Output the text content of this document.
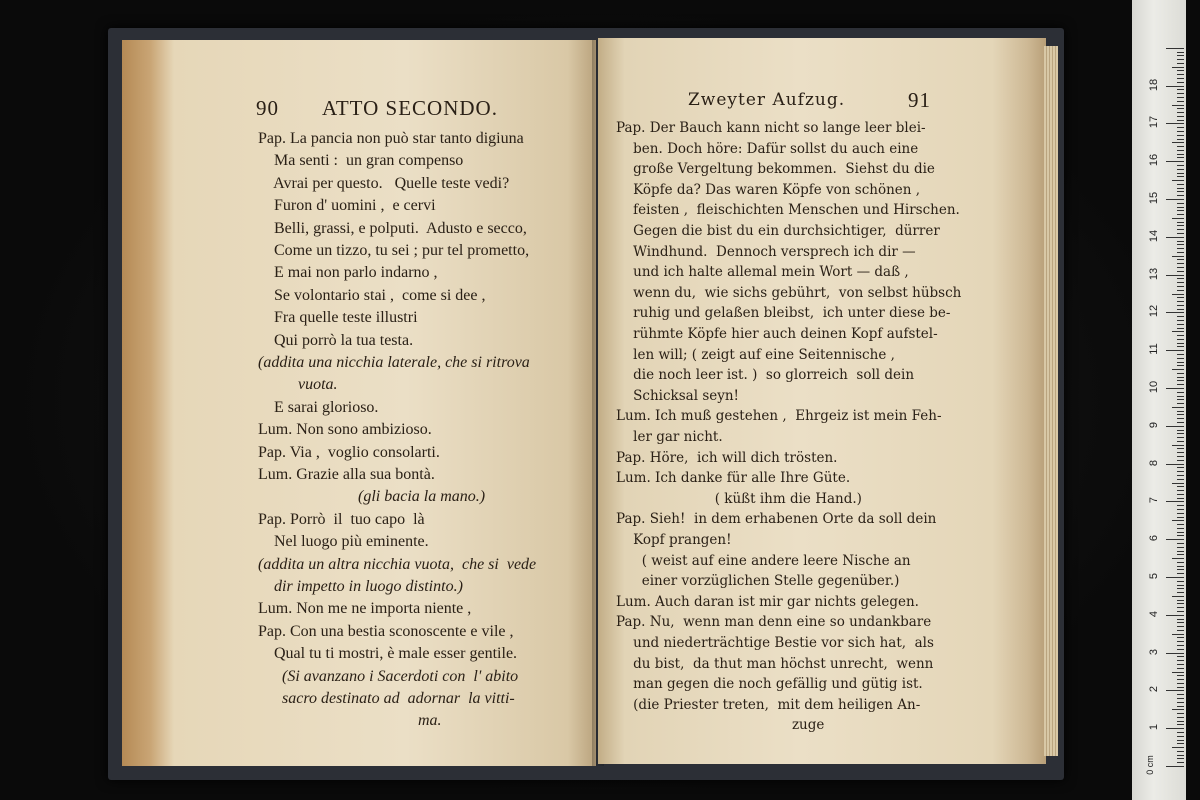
90 ATTO SECONDO.
Pap. La pancia non può star tanto digiuna
Ma senti :  un gran compenso
Avrai per questo.   Quelle teste vedi?
Furon d' uomini ,  e cervi
Belli, grassi, e polputi.  Adusto e secco,
Come un tizzo, tu sei ; pur tel prometto,
E mai non parlo indarno ,
Se volontario stai ,  come si dee ,
Fra quelle teste illustri
Qui porrò la tua testa.
(addita una nicchia laterale, che si ritrova
vuota.
E sarai glorioso.
Lum. Non sono ambizioso.
Pap. Via ,  voglio consolarti.
Lum. Grazie alla sua bontà.
(gli bacia la mano.)
Pap. Porrò  il  tuo capo  là
Nel luogo più eminente.
(addita un altra nicchia vuota,  che si  vede
dir impetto in luogo distinto.)
Lum. Non me ne importa niente ,
Pap. Con una bestia sconoscente e vile ,
Qual tu ti mostri, è male esser gentile.
(Si avanzano i Sacerdoti con  l' abito
sacro destinato ad  adornar  la vitti-
ma.
Zweyter Aufzug.	91
Pap. Der Bauch kann nicht so lange leer blei-
ben. Doch höre: Dafür sollst du auch eine
große Vergeltung bekommen.  Siehst du die
Köpfe da? Das waren Köpfe von schönen ,
feisten ,  fleischichten Menschen und Hirschen.
Gegen die bist du ein durchsichtiger,  dürrer
Windhund.  Dennoch versprech ich dir —
und ich halte allemal mein Wort — daß ,
wenn du,  wie sichs gebührt,  von selbst hübsch
ruhig und gelaßen bleibst,  ich unter diese be-
rühmte Köpfe hier auch deinen Kopf aufstel-
len will; ( zeigt auf eine Seitennische ,
die noch leer ist. )  so glorreich  soll dein
Schicksal seyn!
Lum. Ich muß gestehen ,  Ehrgeiz ist mein Feh-
ler gar nicht.
Pap. Höre,  ich will dich trösten.
Lum. Ich danke für alle Ihre Güte.
( küßt ihm die Hand.)
Pap. Sieh!  in dem erhabenen Orte da soll dein
Kopf prangen!
( weist auf eine andere leere Nische an
einer vorzüglichen Stelle gegenüber.)
Lum. Auch daran ist mir gar nichts gelegen.
Pap. Nu,  wenn man denn eine so undankbare
und niederträchtige Bestie vor sich hat,  als
du bist,  da thut man höchst unrecht,  wenn
man gegen die noch gefällig und gütig ist.
(die Priester treten,  mit dem heiligen An-
zuge
0 cm
1
2
3
4
5
6
7
8
9
10
11
12
13
14
15
16
17
18
